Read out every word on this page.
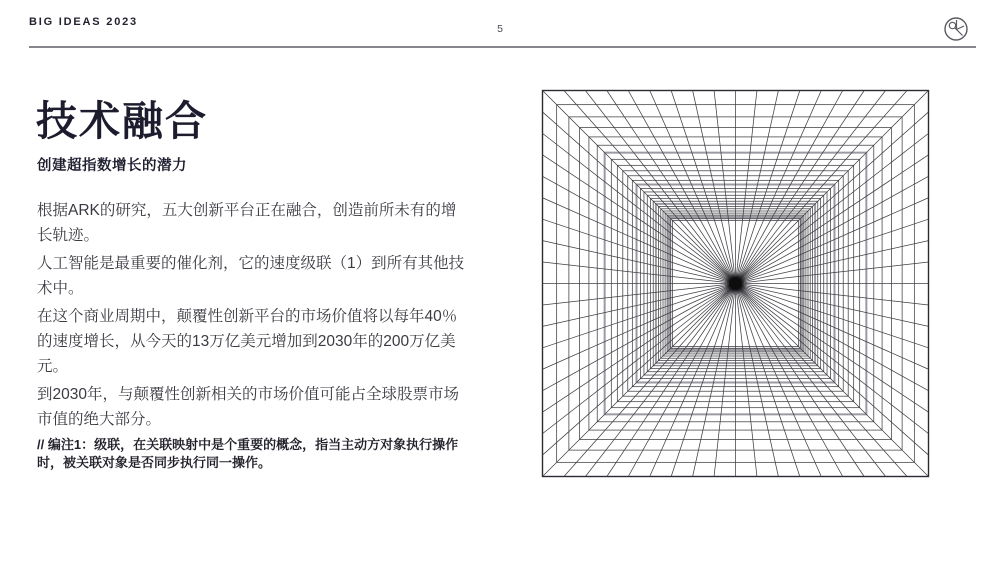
BIG IDEAS 2023
5
技术融合
创建超指数增长的潜力

根据ARK的研究，五大创新平台正在融合，创造前所未有的增长轨迹。

人工智能是最重要的催化剂，它的速度级联（1）到所有其他技术中。

在这个商业周期中，颠覆性创新平台的市场价值将以每年40％的速度增长，从今天的13万亿美元增加到2030年的200万亿美元。

到2030年，与颠覆性创新相关的市场价值可能占全球股票市场市值的绝大部分。

// 编注1：级联，在关联映射中是个重要的概念，指当主动方对象执行操作时，被关联对象是否同步执行同一操作。
